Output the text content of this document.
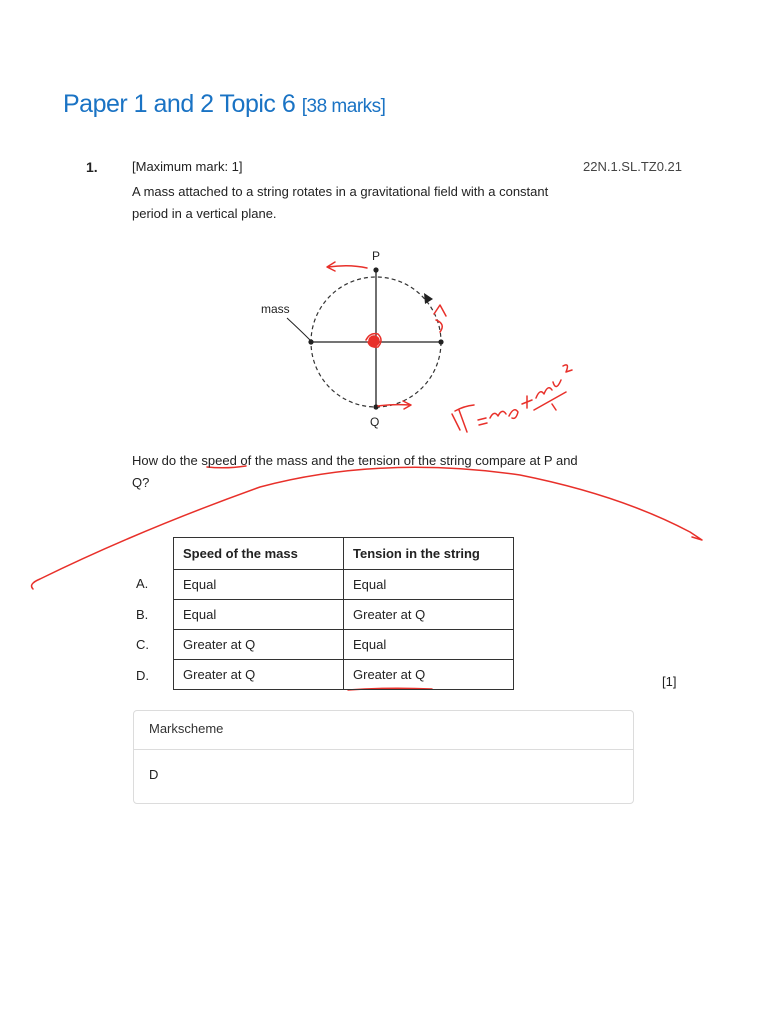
Paper 1 and 2 Topic 6 [38 marks]
1.	[Maximum mark: 1]	22N.1.SL.TZ0.21
A mass attached to a string rotates in a gravitational field with a constant period in a vertical plane.
P
Q
mass
How do the speed of the mass and the tension of the string compare at P and Q?
A.
B.
C.
D.
Speed of the mass	Tension in the string
Equal	Equal
Equal	Greater at Q
Greater at Q	Equal
Greater at Q	Greater at Q	[1]
Markscheme
D
